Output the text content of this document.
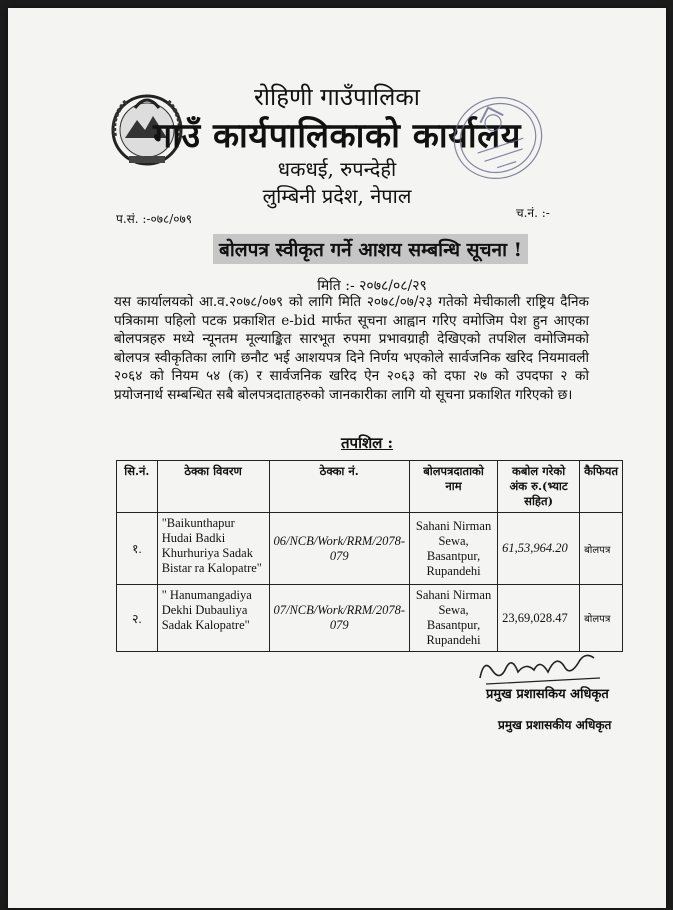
रोहिणी गाउँपालिका
गाउँ कार्यपालिकाको कार्यालय
धकधई, रुपन्देही
लुम्बिनी प्रदेश, नेपाल
प.सं. :-०७८/०७९	च.नं. :-
बोलपत्र स्वीकृत गर्ने आशय सम्बन्धि सूचना !
मिति :- २०७८/०८/२९
यस कार्यालयको आ.व.२०७८/०७९ को लागि मिति २०७८/०७/२३ गतेको मेचीकाली राष्ट्रिय दैनिक पत्रिकामा पहिलो पटक प्रकाशित e-bid मार्फत सूचना आह्वान गरिए वमोजिम पेश हुन आएका बोलपत्रहरु मध्ये न्यूनतम मूल्याङ्कित सारभूत रुपमा प्रभावग्राही देखिएको तपशिल वमोजिमको बोलपत्र स्वीकृतिका लागि छनौट भई आशयपत्र दिने निर्णय भएकोले सार्वजनिक खरिद नियमावली २०६४ को नियम ५४ (क) र सार्वजनिक खरिद ऐन २०६३ को दफा २७ को उपदफा २ को प्रयोजनार्थ सम्बन्धित सबै बोलपत्रदाताहरुको जानकारीका लागि यो सूचना प्रकाशित गरिएको छ।
तपशिल :
सि.नं.	ठेक्का विवरण	ठेक्का नं.	बोलपत्रदाताको नाम	कबोल गरेको अंक रु.(भ्याट सहित)	कैफियत
१.	"Baikunthapur Hudai Badki Khurhuriya Sadak Bistar ra Kalopatre"	06/NCB/Work/RRM/2078-079	Sahani Nirman Sewa, Basantpur, Rupandehi	61,53,964.20	बोलपत्र
२.	" Hanumangadiya Dekhi Dubauliya Sadak Kalopatre"	07/NCB/Work/RRM/2078-079	Sahani Nirman Sewa, Basantpur, Rupandehi	23,69,028.47	बोलपत्र
प्रमुख प्रशासकिय अधिकृत
प्रमुख प्रशासकीय अधिकृत
